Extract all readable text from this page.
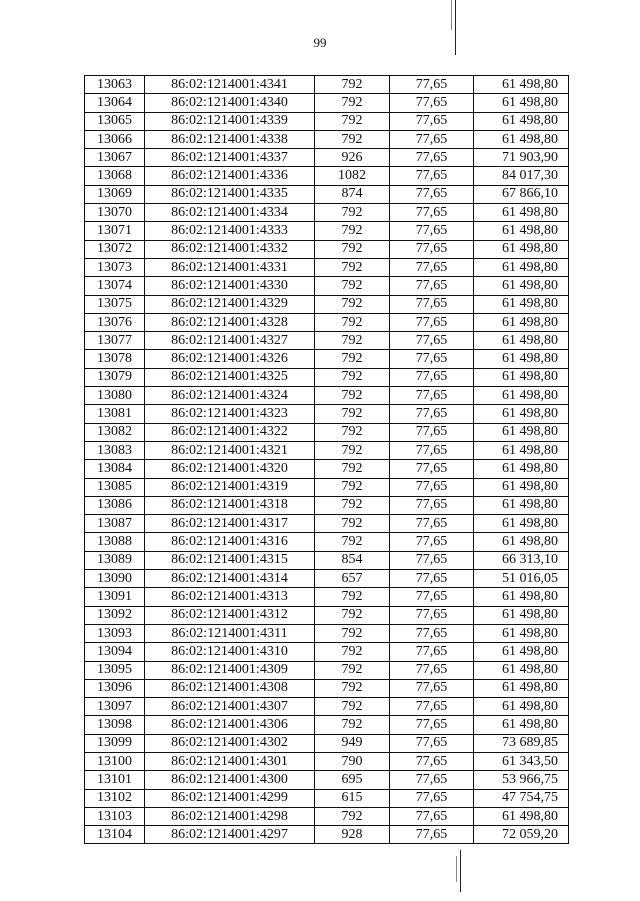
99
13063	86:02:1214001:4341	792	77,65	61 498,80
13064	86:02:1214001:4340	792	77,65	61 498,80
13065	86:02:1214001:4339	792	77,65	61 498,80
13066	86:02:1214001:4338	792	77,65	61 498,80
13067	86:02:1214001:4337	926	77,65	71 903,90
13068	86:02:1214001:4336	1082	77,65	84 017,30
13069	86:02:1214001:4335	874	77,65	67 866,10
13070	86:02:1214001:4334	792	77,65	61 498,80
13071	86:02:1214001:4333	792	77,65	61 498,80
13072	86:02:1214001:4332	792	77,65	61 498,80
13073	86:02:1214001:4331	792	77,65	61 498,80
13074	86:02:1214001:4330	792	77,65	61 498,80
13075	86:02:1214001:4329	792	77,65	61 498,80
13076	86:02:1214001:4328	792	77,65	61 498,80
13077	86:02:1214001:4327	792	77,65	61 498,80
13078	86:02:1214001:4326	792	77,65	61 498,80
13079	86:02:1214001:4325	792	77,65	61 498,80
13080	86:02:1214001:4324	792	77,65	61 498,80
13081	86:02:1214001:4323	792	77,65	61 498,80
13082	86:02:1214001:4322	792	77,65	61 498,80
13083	86:02:1214001:4321	792	77,65	61 498,80
13084	86:02:1214001:4320	792	77,65	61 498,80
13085	86:02:1214001:4319	792	77,65	61 498,80
13086	86:02:1214001:4318	792	77,65	61 498,80
13087	86:02:1214001:4317	792	77,65	61 498,80
13088	86:02:1214001:4316	792	77,65	61 498,80
13089	86:02:1214001:4315	854	77,65	66 313,10
13090	86:02:1214001:4314	657	77,65	51 016,05
13091	86:02:1214001:4313	792	77,65	61 498,80
13092	86:02:1214001:4312	792	77,65	61 498,80
13093	86:02:1214001:4311	792	77,65	61 498,80
13094	86:02:1214001:4310	792	77,65	61 498,80
13095	86:02:1214001:4309	792	77,65	61 498,80
13096	86:02:1214001:4308	792	77,65	61 498,80
13097	86:02:1214001:4307	792	77,65	61 498,80
13098	86:02:1214001:4306	792	77,65	61 498,80
13099	86:02:1214001:4302	949	77,65	73 689,85
13100	86:02:1214001:4301	790	77,65	61 343,50
13101	86:02:1214001:4300	695	77,65	53 966,75
13102	86:02:1214001:4299	615	77,65	47 754,75
13103	86:02:1214001:4298	792	77,65	61 498,80
13104	86:02:1214001:4297	928	77,65	72 059,20
